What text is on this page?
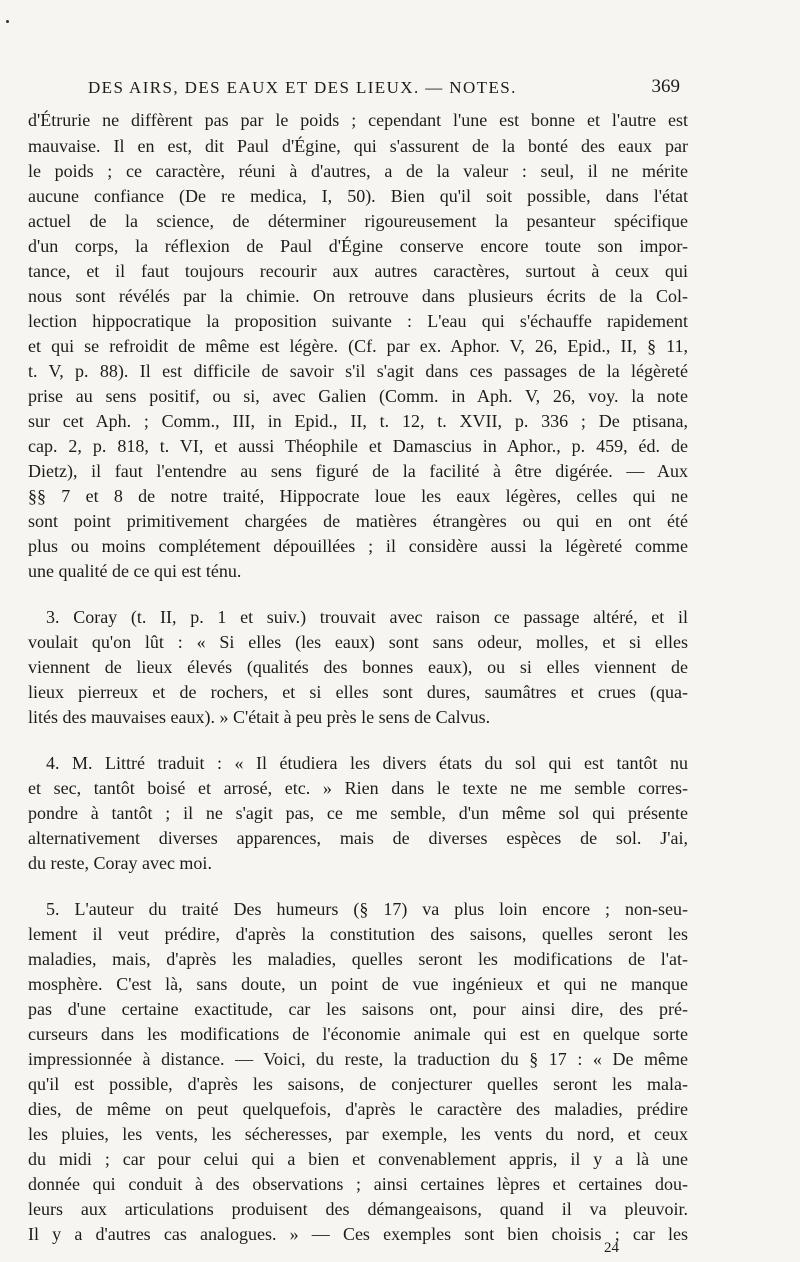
DES AIRS, DES EAUX ET DES LIEUX. — NOTES.	369
d'Étrurie ne diffèrent pas par le poids ; cependant l'une est bonne et l'autre est
mauvaise. Il en est, dit Paul d'Égine, qui s'assurent de la bonté des eaux par
le poids ; ce caractère, réuni à d'autres, a de la valeur : seul, il ne mérite
aucune confiance (De re medica, I, 50). Bien qu'il soit possible, dans l'état
actuel de la science, de déterminer rigoureusement la pesanteur spécifique
d'un corps, la réflexion de Paul d'Égine conserve encore toute son impor-
tance, et il faut toujours recourir aux autres caractères, surtout à ceux qui
nous sont révélés par la chimie. On retrouve dans plusieurs écrits de la Col-
lection hippocratique la proposition suivante : L'eau qui s'échauffe rapidement
et qui se refroidit de même est légère. (Cf. par ex. Aphor. V, 26, Epid., II, § 11,
t. V, p. 88). Il est difficile de savoir s'il s'agit dans ces passages de la légèreté
prise au sens positif, ou si, avec Galien (Comm. in Aph. V, 26, voy. la note
sur cet Aph. ; Comm., III, in Epid., II, t. 12, t. XVII, p. 336 ; De ptisana,
cap. 2, p. 818, t. VI, et aussi Théophile et Damascius in Aphor., p. 459, éd. de
Dietz), il faut l'entendre au sens figuré de la facilité à être digérée. — Aux
§§ 7 et 8 de notre traité, Hippocrate loue les eaux légères, celles qui ne
sont point primitivement chargées de matières étrangères ou qui en ont été
plus ou moins complétement dépouillées ; il considère aussi la légèreté comme
une qualité de ce qui est ténu.
3. Coray (t. II, p. 1 et suiv.) trouvait avec raison ce passage altéré, et il
voulait qu'on lût : « Si elles (les eaux) sont sans odeur, molles, et si elles
viennent de lieux élevés (qualités des bonnes eaux), ou si elles viennent de
lieux pierreux et de rochers, et si elles sont dures, saumâtres et crues (qua-
lités des mauvaises eaux). » C'était à peu près le sens de Calvus.
4. M. Littré traduit : « Il étudiera les divers états du sol qui est tantôt nu
et sec, tantôt boisé et arrosé, etc. » Rien dans le texte ne me semble corres-
pondre à tantôt ; il ne s'agit pas, ce me semble, d'un même sol qui présente
alternativement diverses apparences, mais de diverses espèces de sol. J'ai,
du reste, Coray avec moi.
5. L'auteur du traité Des humeurs (§ 17) va plus loin encore ; non-seu-
lement il veut prédire, d'après la constitution des saisons, quelles seront les
maladies, mais, d'après les maladies, quelles seront les modifications de l'at-
mosphère. C'est là, sans doute, un point de vue ingénieux et qui ne manque
pas d'une certaine exactitude, car les saisons ont, pour ainsi dire, des pré-
curseurs dans les modifications de l'économie animale qui est en quelque sorte
impressionnée à distance. — Voici, du reste, la traduction du § 17 : « De même
qu'il est possible, d'après les saisons, de conjecturer quelles seront les mala-
dies, de même on peut quelquefois, d'après le caractère des maladies, prédire
les pluies, les vents, les sécheresses, par exemple, les vents du nord, et ceux
du midi ; car pour celui qui a bien et convenablement appris, il y a là une
donnée qui conduit à des observations ; ainsi certaines lèpres et certaines dou-
leurs aux articulations produisent des démangeaisons, quand il va pleuvoir.
Il y a d'autres cas analogues. » — Ces exemples sont bien choisis ; car les
24
